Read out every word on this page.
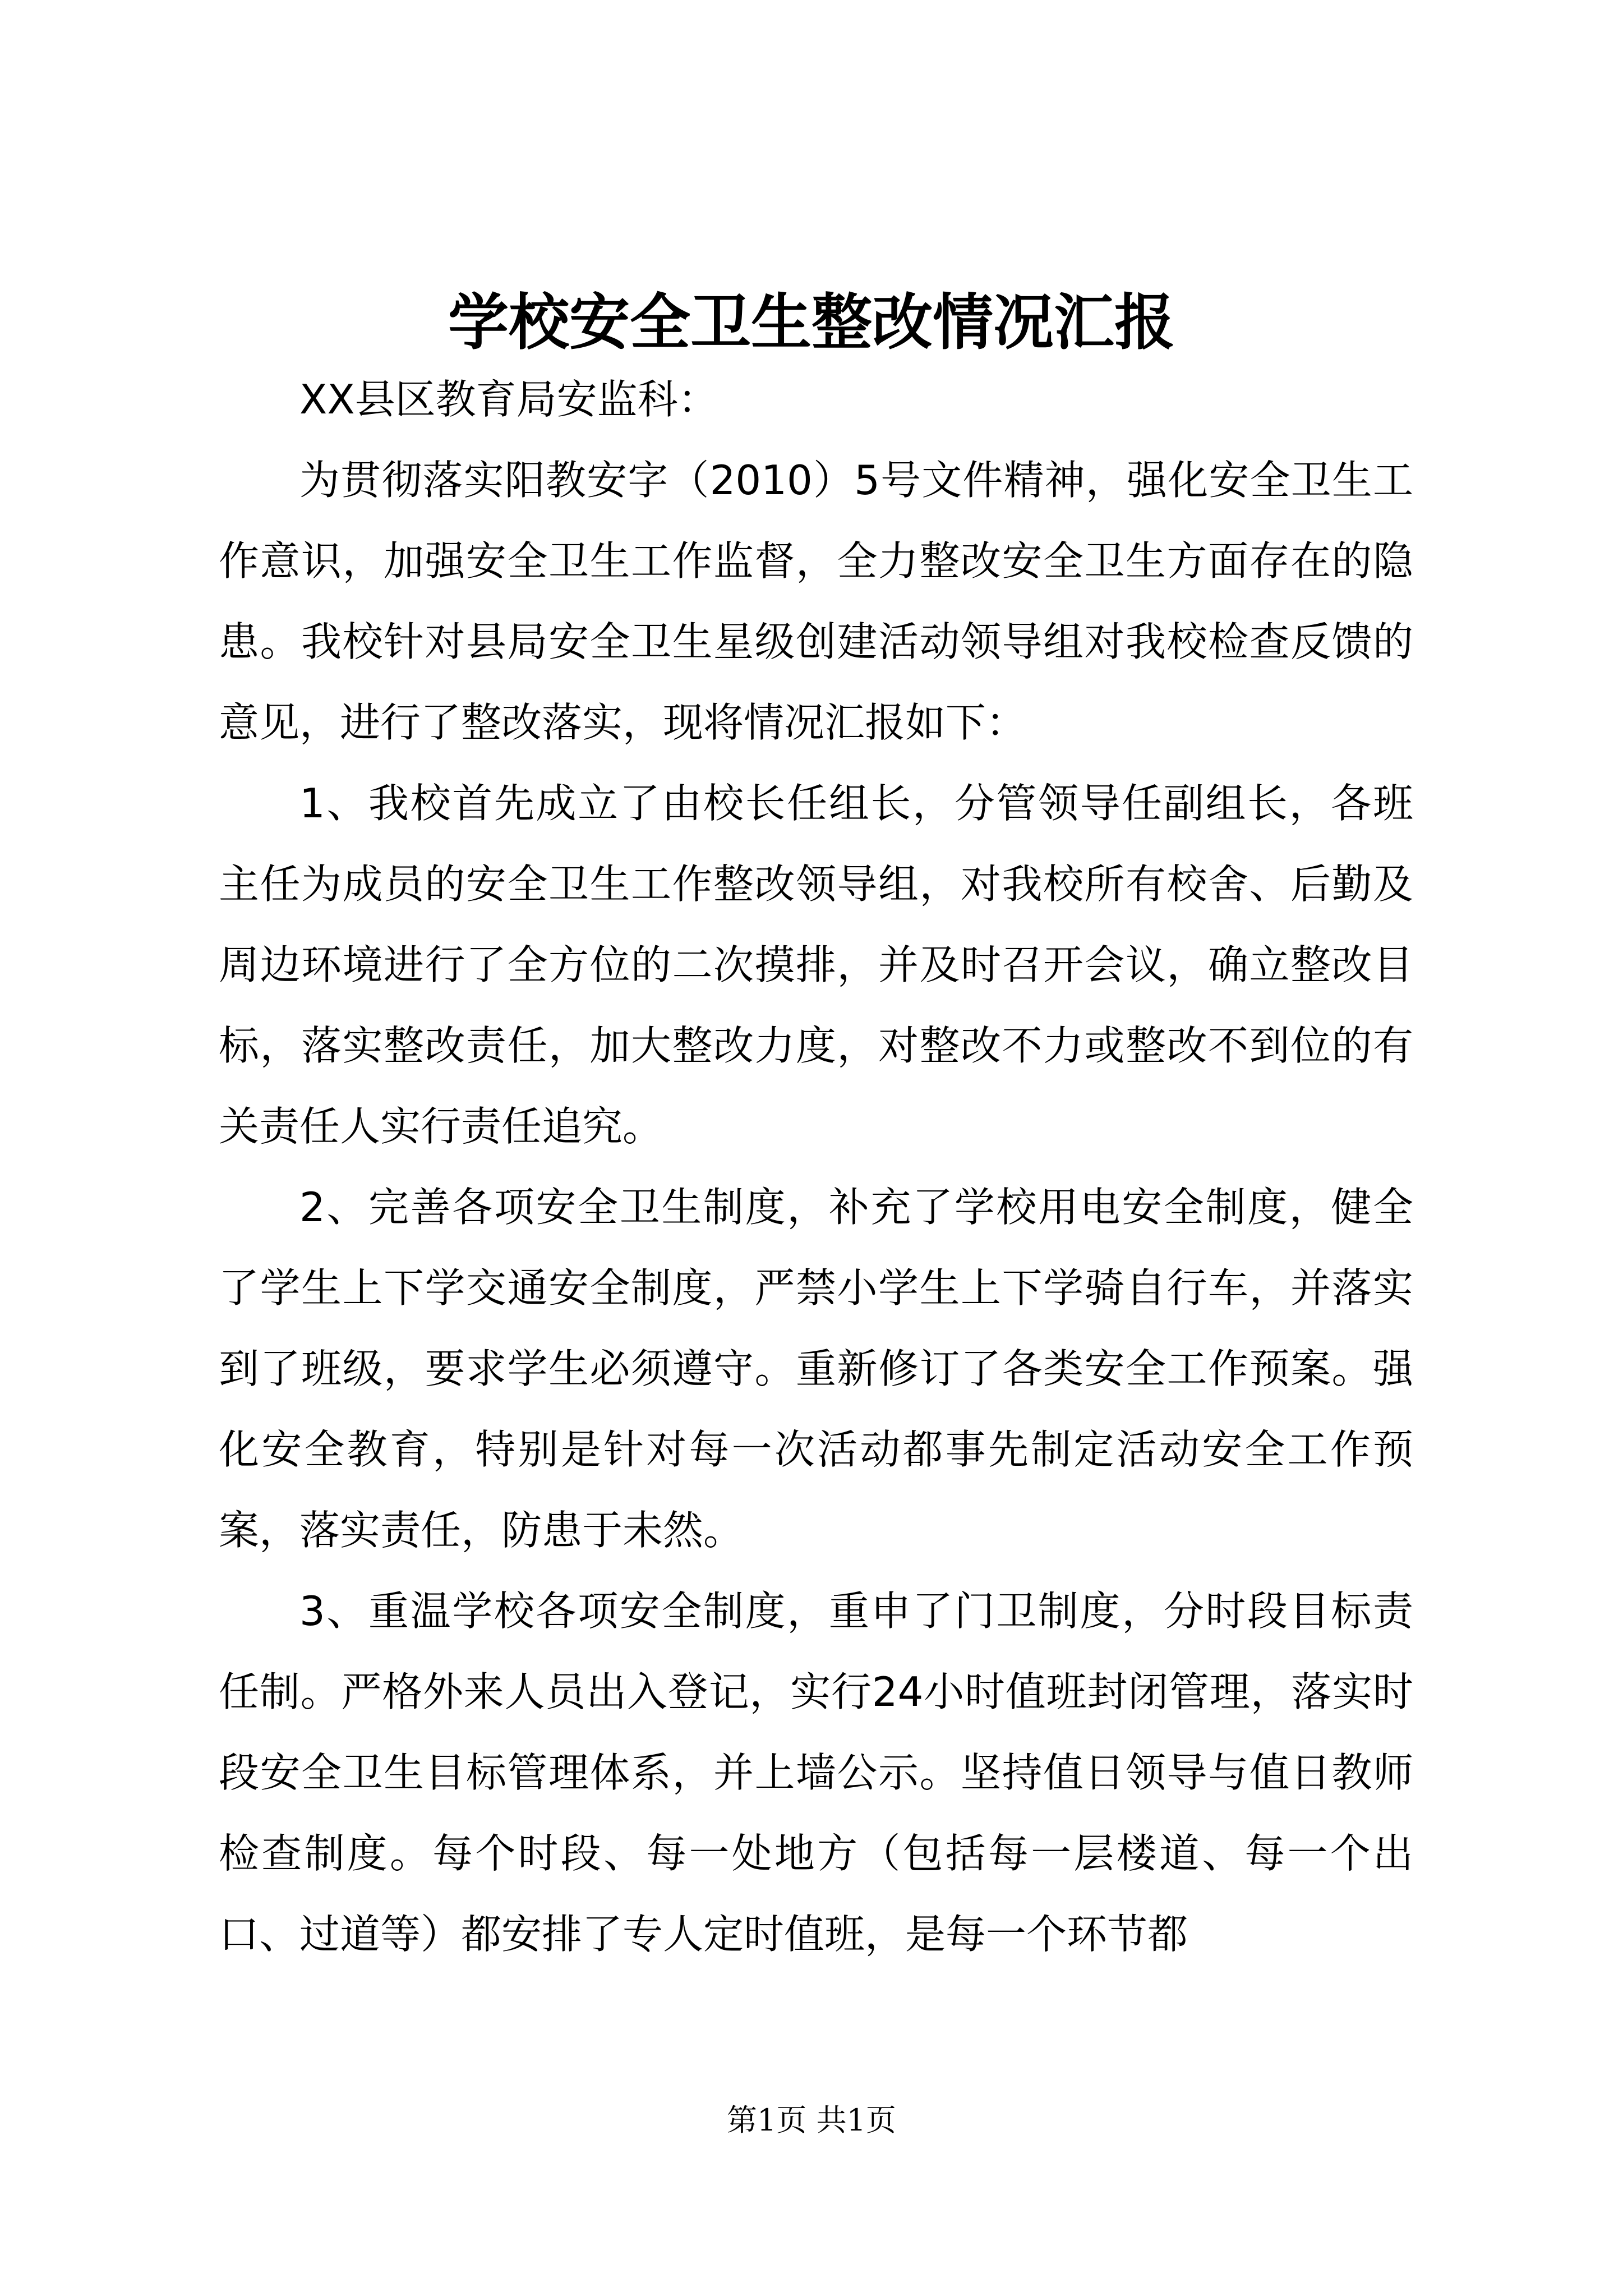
学校安全卫生整改情况汇报

XX县区教育局安监科：

为贯彻落实阳教安字（2010）5号文件精神，强化安全卫生工作意识，加强安全卫生工作监督，全力整改安全卫生方面存在的隐患。我校针对县局安全卫生星级创建活动领导组对我校检查反馈的意见，进行了整改落实，现将情况汇报如下：

1、我校首先成立了由校长任组长，分管领导任副组长，各班主任为成员的安全卫生工作整改领导组，对我校所有校舍、后勤及周边环境进行了全方位的二次摸排，并及时召开会议，确立整改目标，落实整改责任，加大整改力度，对整改不力或整改不到位的有关责任人实行责任追究。

2、完善各项安全卫生制度，补充了学校用电安全制度，健全了学生上下学交通安全制度，严禁小学生上下学骑自行车，并落实到了班级，要求学生必须遵守。重新修订了各类安全工作预案。强化安全教育，特别是针对每一次活动都事先制定活动安全工作预案，落实责任，防患于未然。

3、重温学校各项安全制度，重申了门卫制度，分时段目标责任制。严格外来人员出入登记，实行24小时值班封闭管理，落实时段安全卫生目标管理体系，并上墙公示。坚持值日领导与值日教师检查制度。每个时段、每一处地方（包括每一层楼道、每一个出口、过道等）都安排了专人定时值班，是每一个环节都

第1页 共1页
